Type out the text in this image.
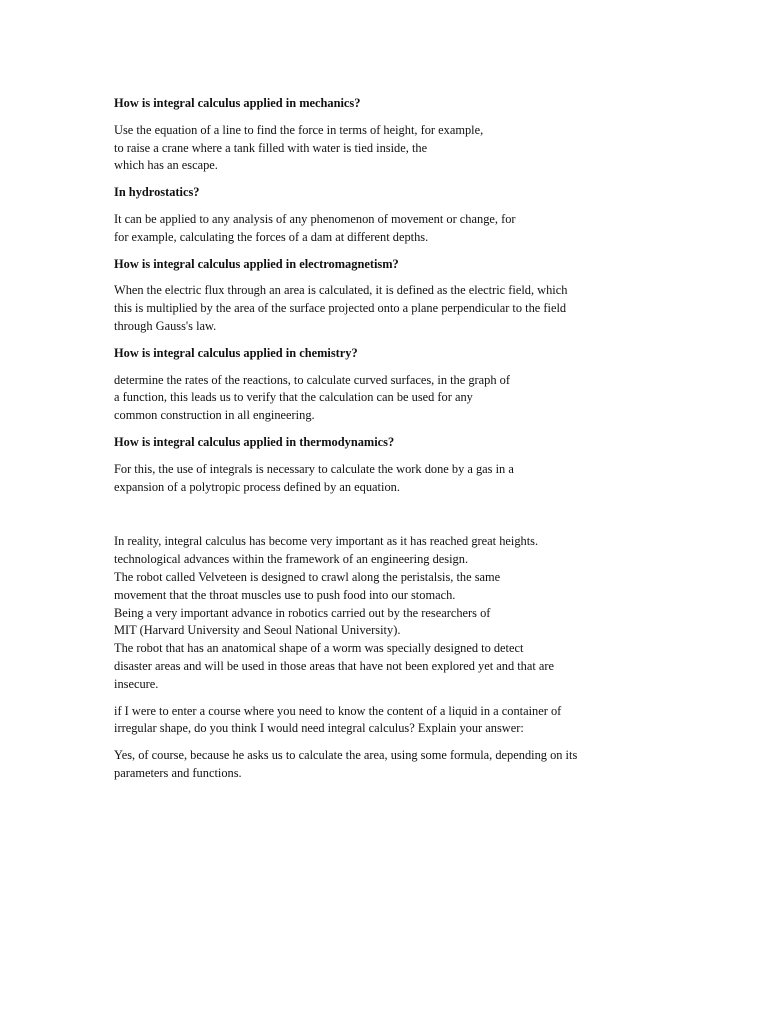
How is integral calculus applied in mechanics?
Use the equation of a line to find the force in terms of height, for example,
to raise a crane where a tank filled with water is tied inside, the
which has an escape.
In hydrostatics?
It can be applied to any analysis of any phenomenon of movement or change, for
for example, calculating the forces of a dam at different depths.
How is integral calculus applied in electromagnetism?
When the electric flux through an area is calculated, it is defined as the electric field, which
this is multiplied by the area of the surface projected onto a plane perpendicular to the field
through Gauss's law.
How is integral calculus applied in chemistry?
determine the rates of the reactions, to calculate curved surfaces, in the graph of
a function, this leads us to verify that the calculation can be used for any
common construction in all engineering.
How is integral calculus applied in thermodynamics?
For this, the use of integrals is necessary to calculate the work done by a gas in a
expansion of a polytropic process defined by an equation.
In reality, integral calculus has become very important as it has reached great heights.
technological advances within the framework of an engineering design.
The robot called Velveteen is designed to crawl along the peristalsis, the same
movement that the throat muscles use to push food into our stomach.
Being a very important advance in robotics carried out by the researchers of
MIT (Harvard University and Seoul National University).
The robot that has an anatomical shape of a worm was specially designed to detect
disaster areas and will be used in those areas that have not been explored yet and that are
insecure.
if I were to enter a course where you need to know the content of a liquid in a container of
irregular shape, do you think I would need integral calculus? Explain your answer:
Yes, of course, because he asks us to calculate the area, using some formula, depending on its
parameters and functions.
